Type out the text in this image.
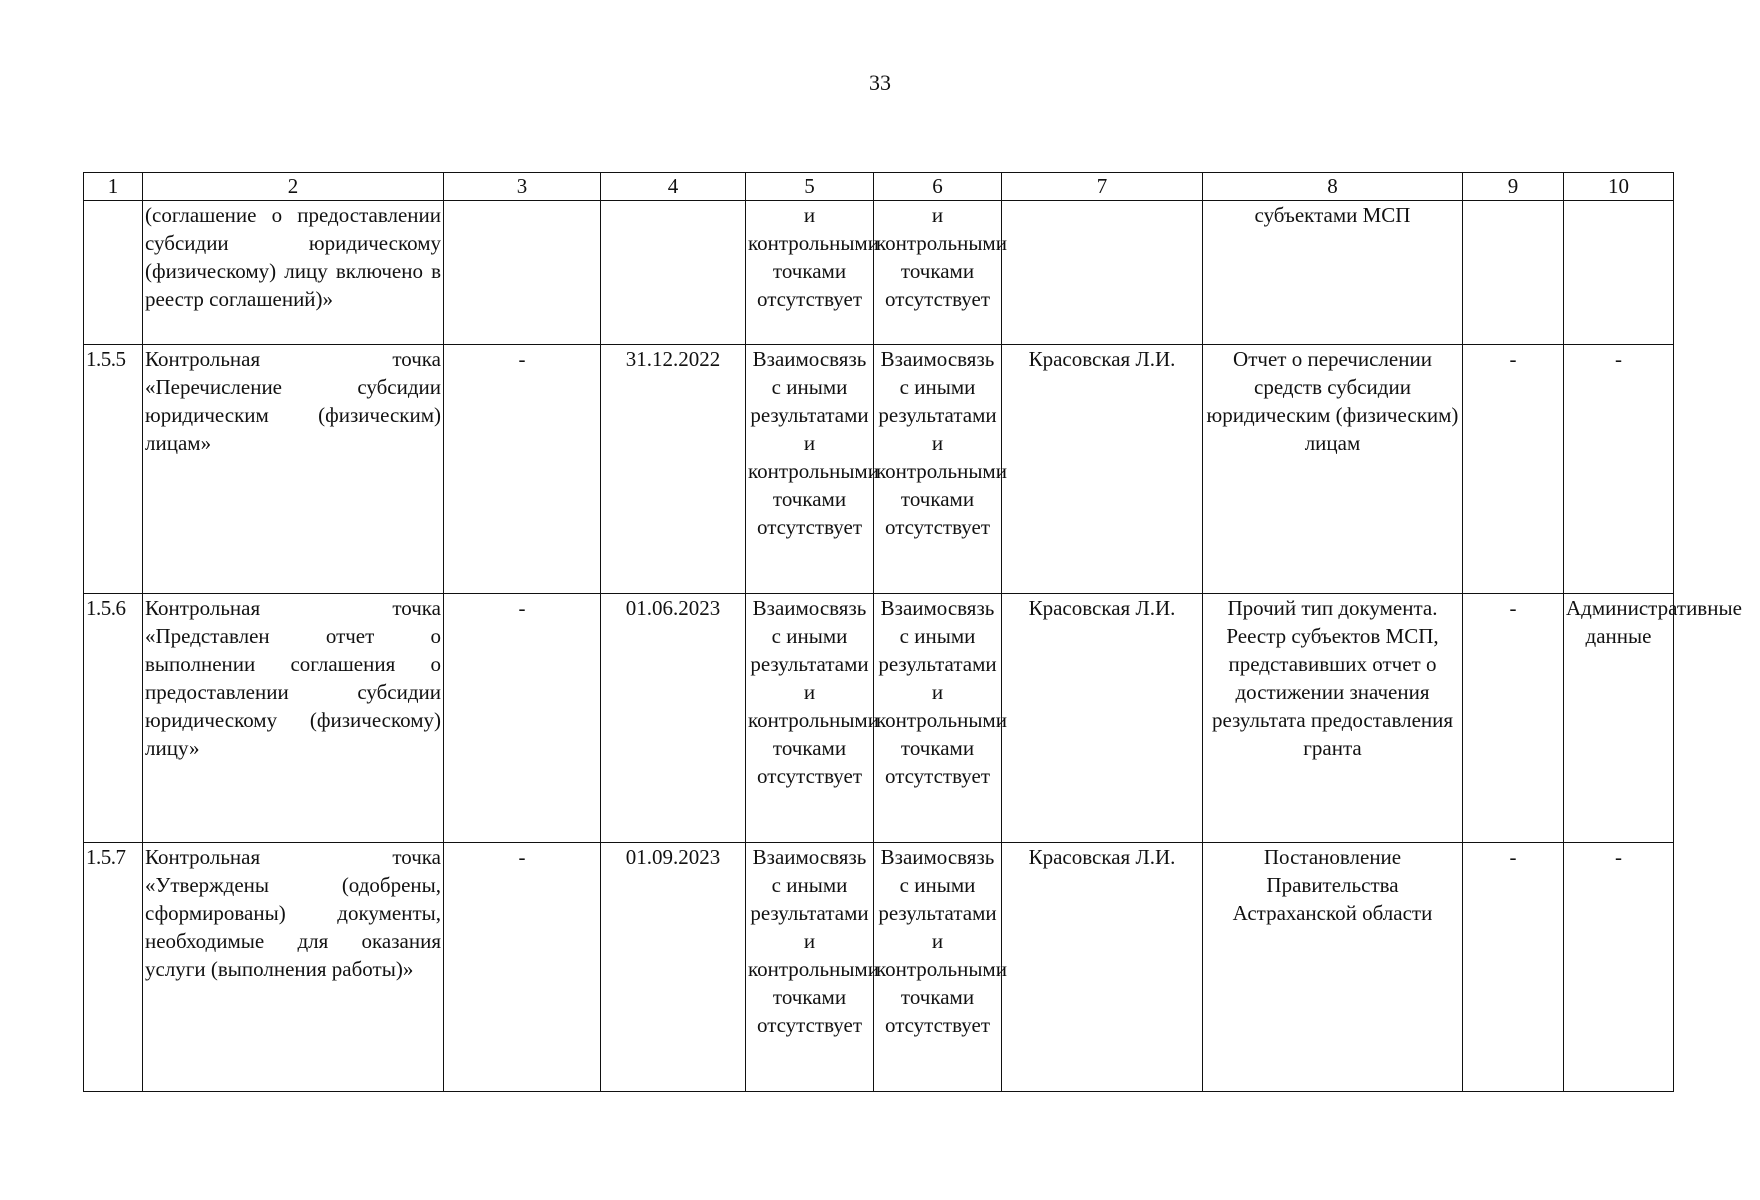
33
1	2	3	4	5	6	7	8	9	10
	(соглашение о предоставлении субсидии юридическому (физическому) лицу включено в реестр соглашений)»			и контрольными точками отсутствует	и контрольными точками отсутствует		субъектами МСП		
1.5.5	Контрольная точка «Перечисление субсидии юридическим (физическим) лицам»	-	31.12.2022	Взаимосвязь с иными результатами и контрольными точками отсутствует	Взаимосвязь с иными результатами и контрольными точками отсутствует	Красовская Л.И.	Отчет о перечислении средств субсидии юридическим (физическим) лицам	-	-
1.5.6	Контрольная точка «Представлен отчет о выполнении соглашения о предоставлении субсидии юридическому (физическому) лицу»	-	01.06.2023	Взаимосвязь с иными результатами и контрольными точками отсутствует	Взаимосвязь с иными результатами и контрольными точками отсутствует	Красовская Л.И.	Прочий тип документа. Реестр субъектов МСП, представивших отчет о достижении значения результата предоставления гранта	-	Административные данные
1.5.7	Контрольная точка «Утверждены (одобрены, сформированы) документы, необходимые для оказания услуги (выполнения работы)»	-	01.09.2023	Взаимосвязь с иными результатами и контрольными точками отсутствует	Взаимосвязь с иными результатами и контрольными точками отсутствует	Красовская Л.И.	Постановление Правительства Астраханской области	-	-
